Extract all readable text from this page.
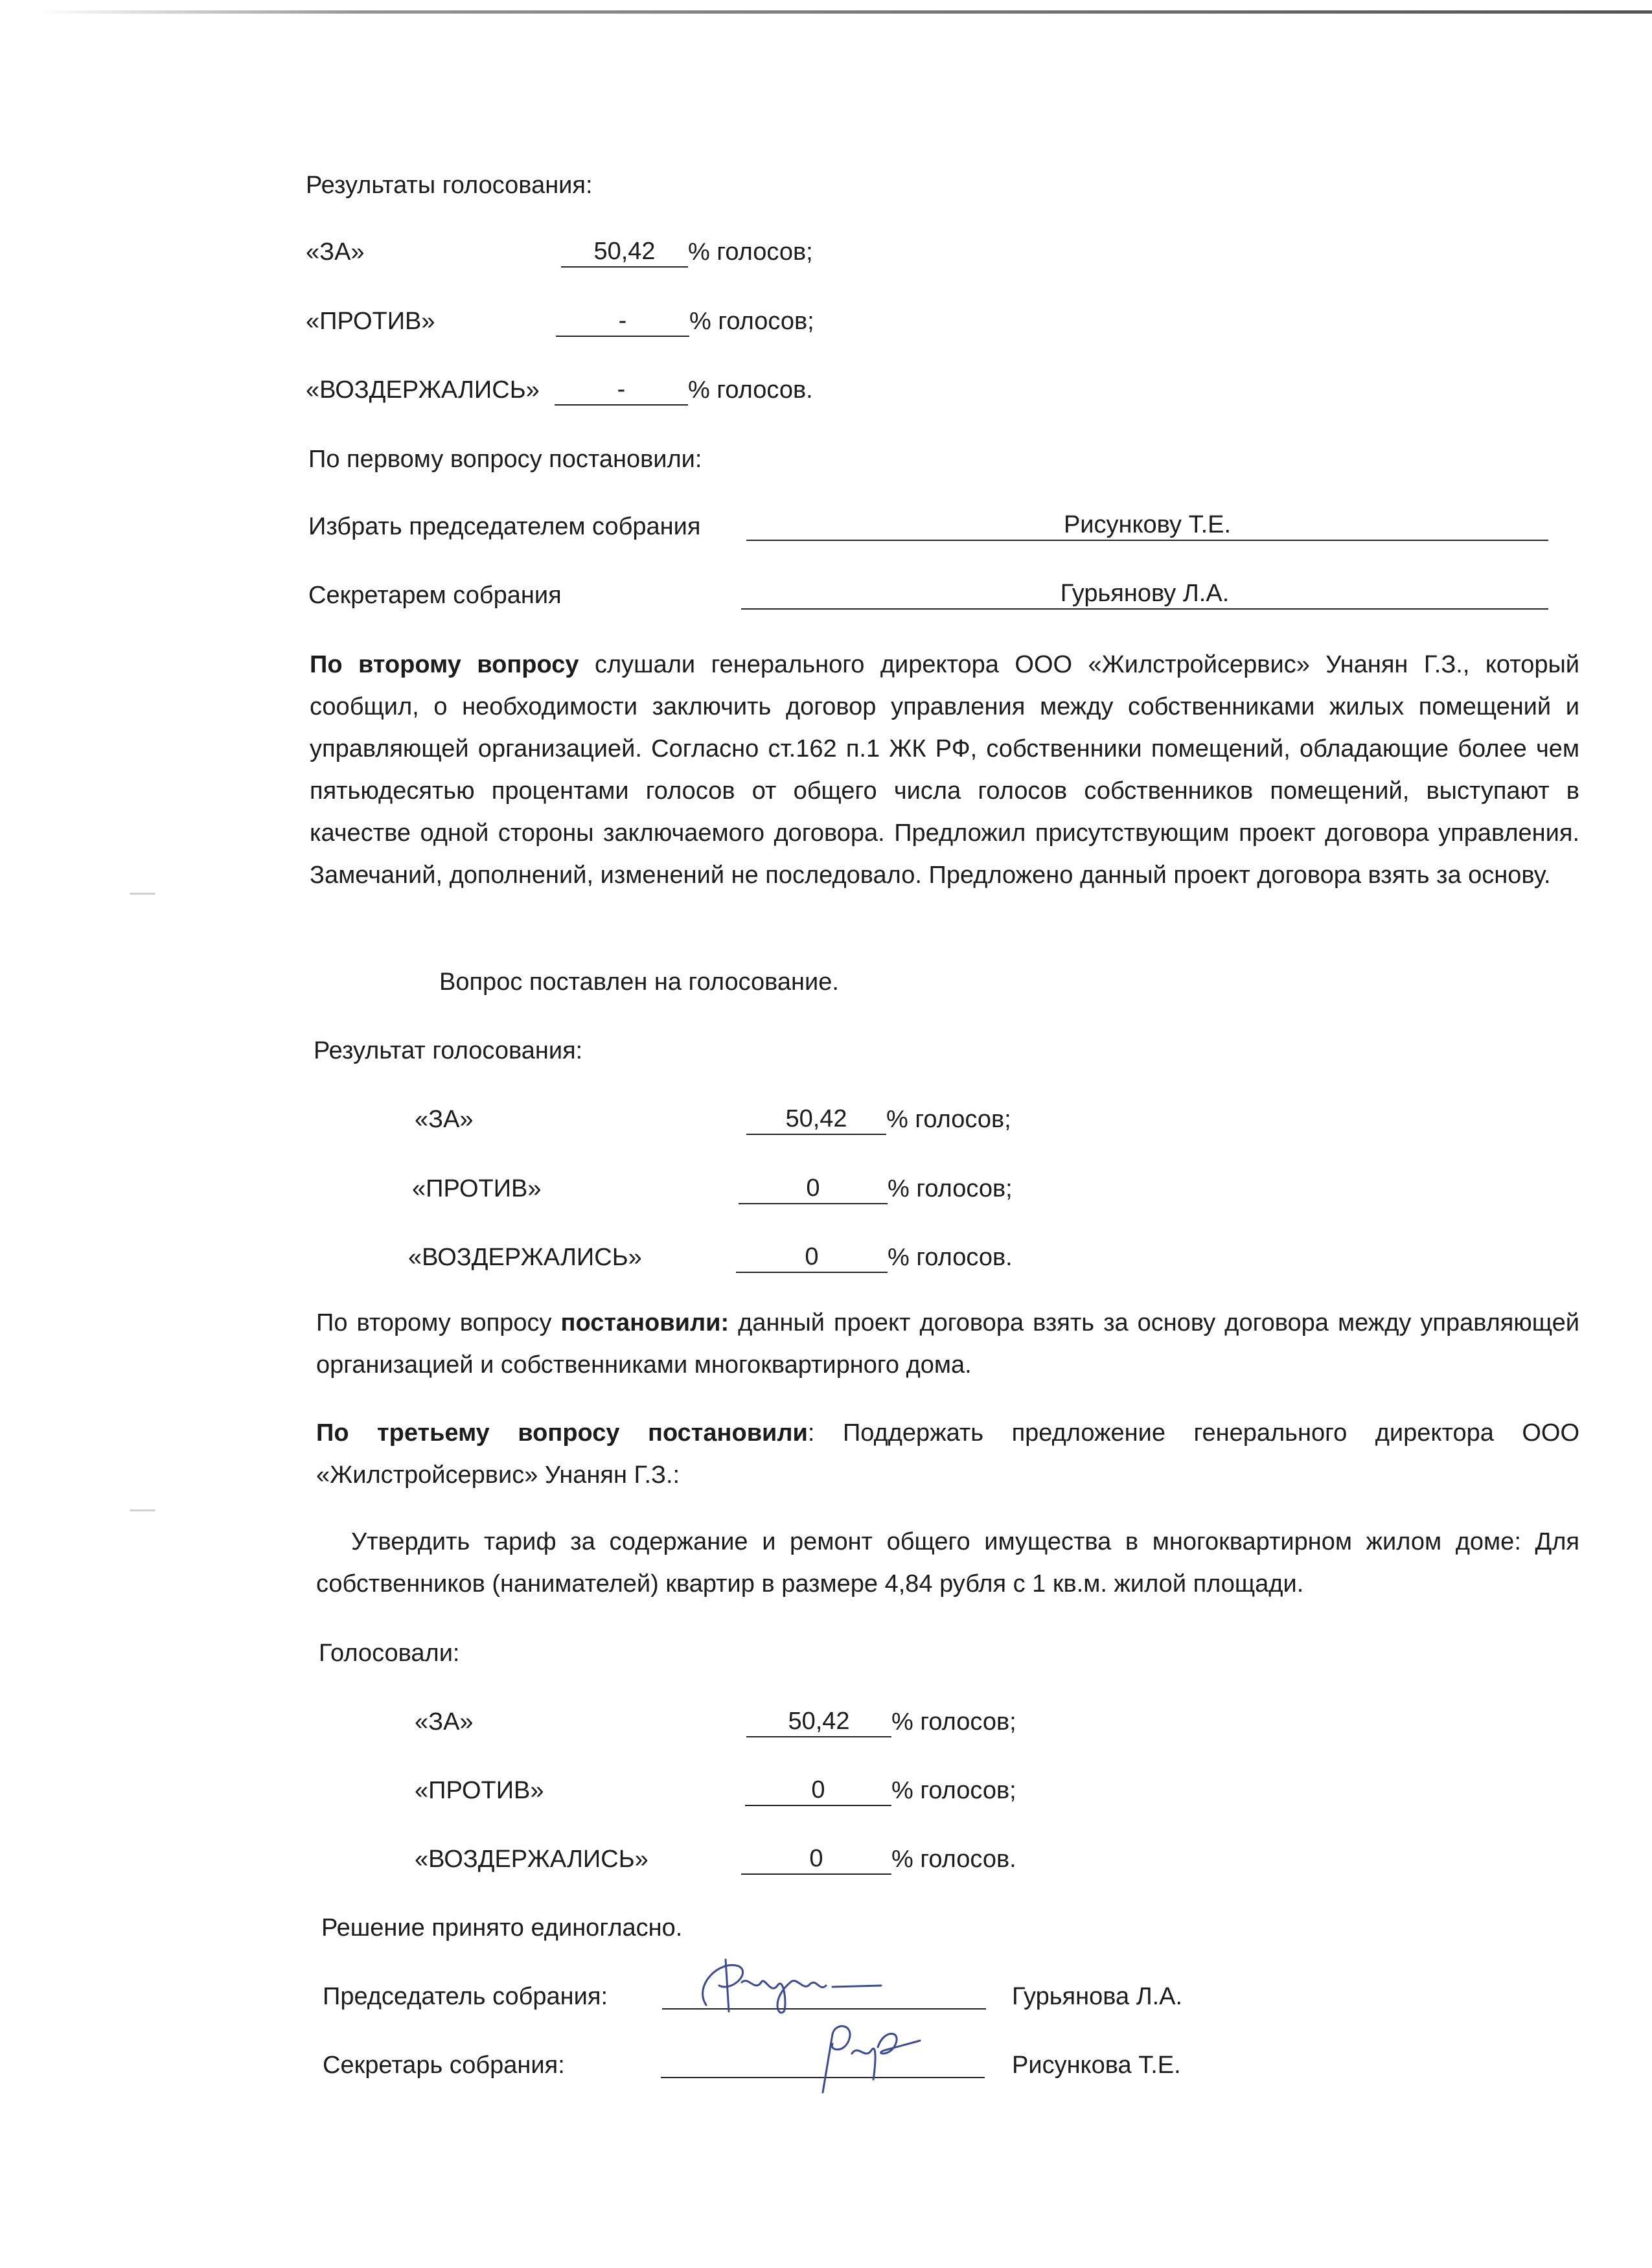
Результаты голосования:
«ЗА»	50,42	% голосов;
«ПРОТИВ»	-	% голосов;
«ВОЗДЕРЖАЛИСЬ»	-	% голосов.
По первому вопросу постановили:
Избрать председателем собрания	Рисункову Т.Е.
Секретарем собрания	Гурьянову Л.А.
По второму вопросу слушали генерального директора ООО «Жилстройсервис» Унанян Г.З., который сообщил, о необходимости заключить договор управления между собственниками жилых помещений и управляющей организацией. Согласно ст.162 п.1 ЖК РФ, собственники помещений, обладающие более чем пятьюдесятью процентами голосов от общего числа голосов собственников помещений, выступают в качестве одной стороны заключаемого договора. Предложил присутствующим проект договора управления. Замечаний, дополнений, изменений не последовало. Предложено данный проект договора взять за основу.
Вопрос поставлен на голосование.
Результат голосования:
«ЗА»	50,42	% голосов;
«ПРОТИВ»	0	% голосов;
«ВОЗДЕРЖАЛИСЬ»	0	% голосов.
По второму вопросу постановили: данный проект договора взять за основу договора между управляющей организацией и собственниками многоквартирного дома.
По третьему вопросу постановили: Поддержать предложение генерального директора ООО «Жилстройсервис» Унанян Г.З.:
Утвердить тариф за содержание и ремонт общего имущества в многоквартирном жилом доме: Для собственников (нанимателей) квартир в размере 4,84 рубля с 1 кв.м. жилой площади.
Голосовали:
«ЗА»	50,42	% голосов;
«ПРОТИВ»	0	% голосов;
«ВОЗДЕРЖАЛИСЬ»	0	% голосов.
Решение принято единогласно.
Председатель собрания:	Гурьянова Л.А.
Секретарь собрания:	Рисункова Т.Е.
